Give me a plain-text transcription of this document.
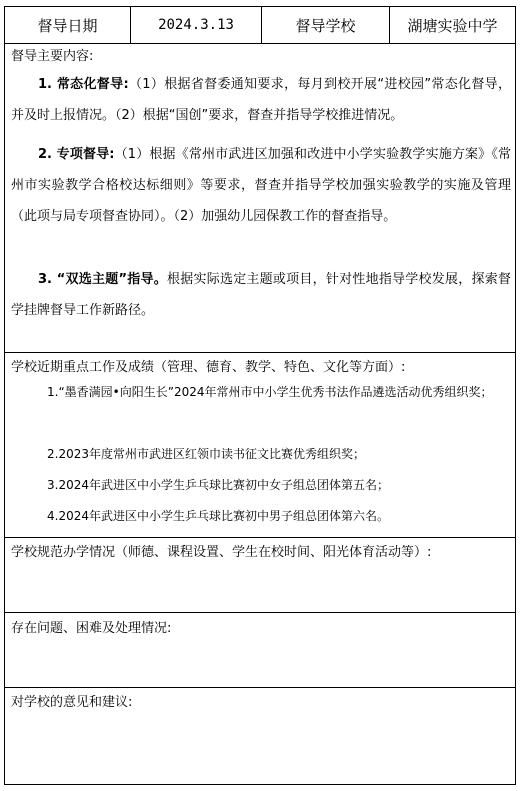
督导日期	2024.3.13	督导学校	湖塘实验中学
督导主要内容:
1. 常态化督导:（1）根据省督委通知要求，每月到校开展“进校园”常态化督导，并及时上报情况。（2）根据“国创”要求，督查并指导学校推进情况。
2. 专项督导:（1）根据《常州市武进区加强和改进中小学实验教学实施方案》《常州市实验教学合格校达标细则》等要求，督查并指导学校加强实验教学的实施及管理（此项与局专项督查协同）。（2）加强幼儿园保教工作的督查指导。
3. “双选主题”指导。根据实际选定主题或项目，针对性地指导学校发展，探索督学挂牌督导工作新路径。
学校近期重点工作及成绩（管理、德育、教学、特色、文化等方面）:
1.“墨香满园•向阳生长”2024年常州市中小学生优秀书法作品遴选活动优秀组织奖；
2.2023年度常州市武进区红领巾读书征文比赛优秀组织奖；
3.2024年武进区中小学生乒乓球比赛初中女子组总团体第五名；
4.2024年武进区中小学生乒乓球比赛初中男子组总团体第六名。
学校规范办学情况（师德、课程设置、学生在校时间、阳光体育活动等）:
存在问题、困难及处理情况:
对学校的意见和建议:
